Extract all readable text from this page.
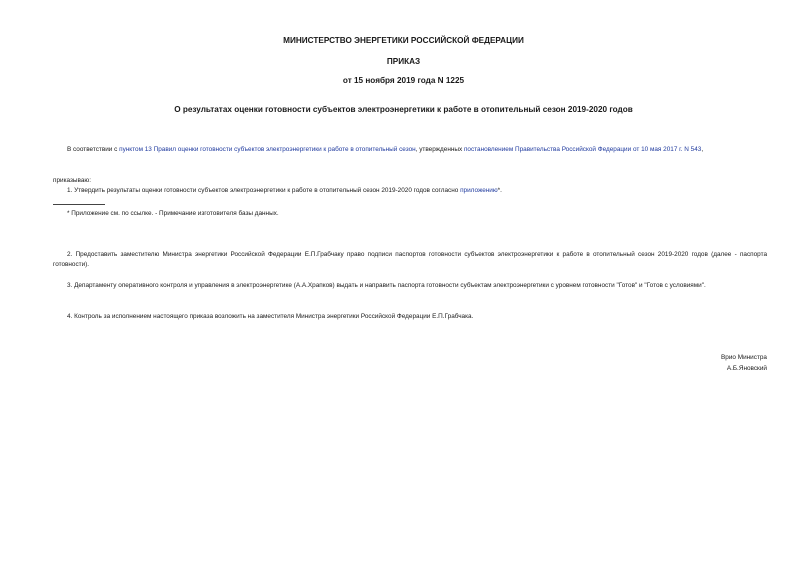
МИНИСТЕРСТВО ЭНЕРГЕТИКИ РОССИЙСКОЙ ФЕДЕРАЦИИ
ПРИКАЗ
от 15 ноября 2019 года N 1225
О результатах оценки готовности субъектов электроэнергетики к работе в отопительный сезон 2019-2020 годов
В соответствии с пунктом 13 Правил оценки готовности субъектов электроэнергетики к работе в отопительный сезон, утвержденных постановлением Правительства Российской Федерации от 10 мая 2017 г. N 543,
приказываю:
1. Утвердить результаты оценки готовности субъектов электроэнергетики к работе в отопительный сезон 2019-2020 годов согласно приложению*.
* Приложение см. по ссылке. - Примечание изготовителя базы данных.
2. Предоставить заместителю Министра энергетики Российской Федерации Е.П.Грабчаку право подписи паспортов готовности субъектов электроэнергетики к работе в отопительный сезон 2019-2020 годов (далее - паспорта готовности).
3. Департаменту оперативного контроля и управления в электроэнергетике (А.А.Храпков) выдать и направить паспорта готовности субъектам электроэнергетики с уровнем готовности "Готов" и "Готов с условиями".
4. Контроль за исполнением настоящего приказа возложить на заместителя Министра энергетики Российской Федерации Е.П.Грабчака.
Врио Министра
А.Б.Яновский
